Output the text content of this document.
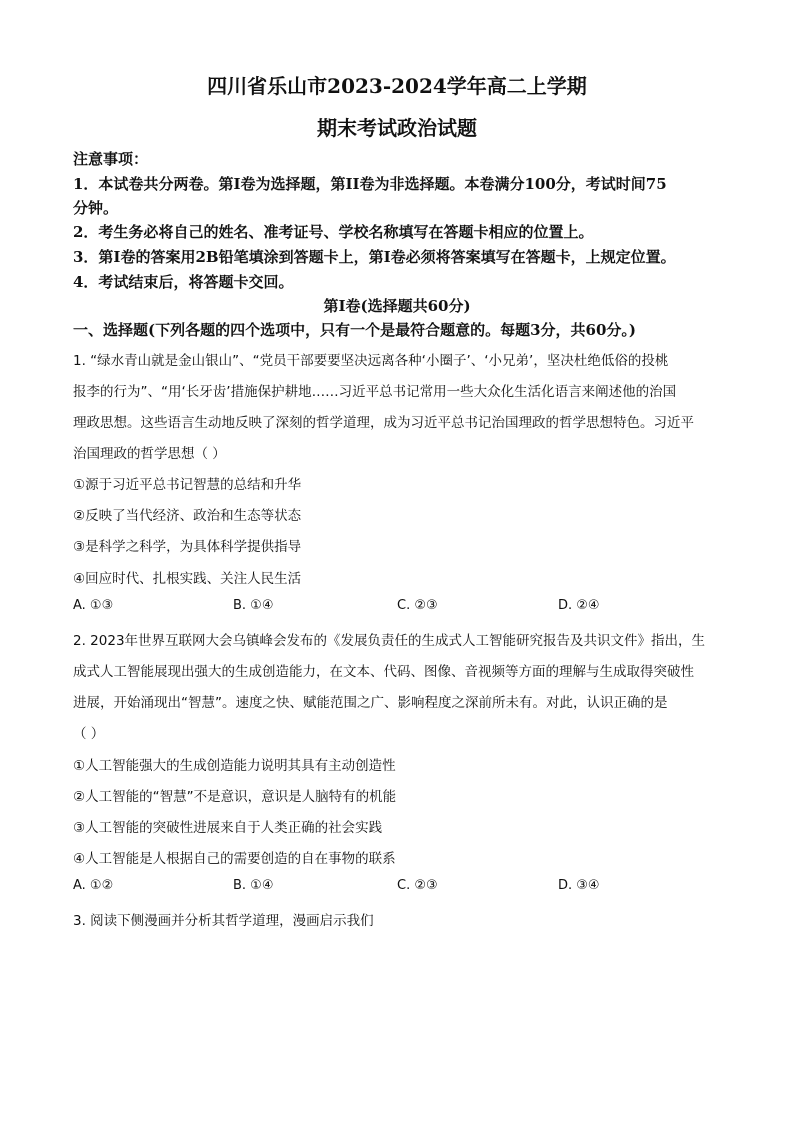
四川省乐山市2023-2024学年高二上学期
期末考试政治试题
注意事项：
1．本试卷共分两卷。第Ⅰ卷为选择题，第II卷为非选择题。本卷满分100分，考试时间75
分钟。
2．考生务必将自己的姓名、准考证号、学校名称填写在答题卡相应的位置上。
3．第Ⅰ卷的答案用2B铅笔填涂到答题卡上，第Ⅰ卷必须将答案填写在答题卡，上规定位置。
4．考试结束后，将答题卡交回。
第Ⅰ卷(选择题共60分)
一、选择题(下列各题的四个选项中，只有一个是最符合题意的。每题3分，共60分。)
1. “绿水青山就是金山银山”、“党员干部要要坚决远离各种‘小圈子’、‘小兄弟’，坚决杜绝低俗的投桃
报李的行为”、“用‘长牙齿’措施保护耕地……习近平总书记常用一些大众化生活化语言来阐述他的治国
理政思想。这些语言生动地反映了深刻的哲学道理，成为习近平总书记治国理政的哲学思想特色。习近平
治国理政的哲学思想（ ）
①源于习近平总书记智慧的总结和升华
②反映了当代经济、政治和生态等状态
③是科学之科学，为具体科学提供指导
④回应时代、扎根实践、关注人民生活
A. ①③	B. ①④	C. ②③	D. ②④
2. 2023年世界互联网大会乌镇峰会发布的《发展负责任的生成式人工智能研究报告及共识文件》指出，生
成式人工智能展现出强大的生成创造能力，在文本、代码、图像、音视频等方面的理解与生成取得突破性
进展，开始涌现出“智慧”。速度之快、赋能范围之广、影响程度之深前所未有。对此，认识正确的是
（ ）
①人工智能强大的生成创造能力说明其具有主动创造性
②人工智能的“智慧”不是意识，意识是人脑特有的机能
③人工智能的突破性进展来自于人类正确的社会实践
④人工智能是人根据自己的需要创造的自在事物的联系
A. ①②	B. ①④	C. ②③	D. ③④
3. 阅读下侧漫画并分析其哲学道理，漫画启示我们
